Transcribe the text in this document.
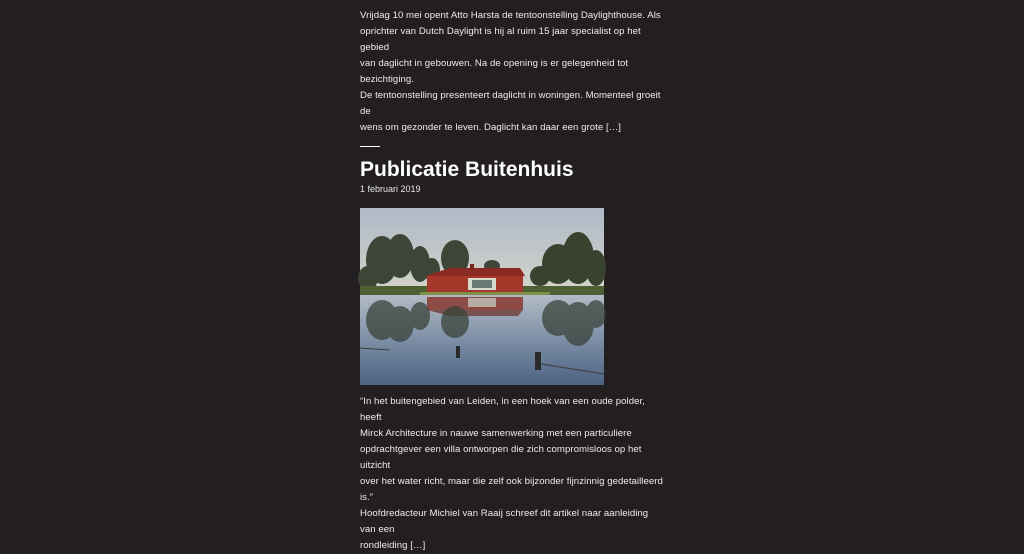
Vrijdag 10 mei opent Atto Harsta de tentoonstelling Daylighthouse. Als
oprichter van Dutch Daylight is hij al ruim 15 jaar specialist op het gebied
van daglicht in gebouwen. Na de opening is er gelegenheid tot bezichtiging.
De tentoonstelling presenteert daglicht in woningen. Momenteel groeit de
wens om gezonder te leven. Daglicht kan daar een grote […]

Publicatie Buitenhuis
1 februari 2019

“In het buitengebied van Leiden, in een hoek van een oude polder, heeft
Mirck Architecture in nauwe samenwerking met een particuliere
opdrachtgever een villa ontworpen die zich compromisloos op het uitzicht
over het water richt, maar die zelf ook bijzonder fijnzinnig gedetailleerd is.”
Hoofdredacteur Michiel van Raaij schreef dit artikel naar aanleiding van een
rondleiding […]
